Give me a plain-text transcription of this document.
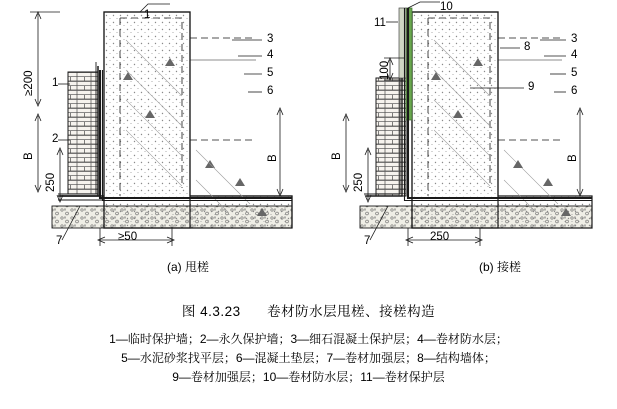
3
4
5
6
1
2
7
≥200
B
250
B
≥50
1
10
11
3
4
5
6
8
9
7
100
B
250
B
250
(a) 甩槎	(b) 接槎
图 4.3.23 卷材防水层甩槎、接槎构造
1—临时保护墙；2—永久保护墙；3—细石混凝土保护层；4—卷材防水层；
5—水泥砂浆找平层；6—混凝土垫层；7—卷材加强层；8—结构墙体；
9—卷材加强层；10—卷材防水层；11—卷材保护层
